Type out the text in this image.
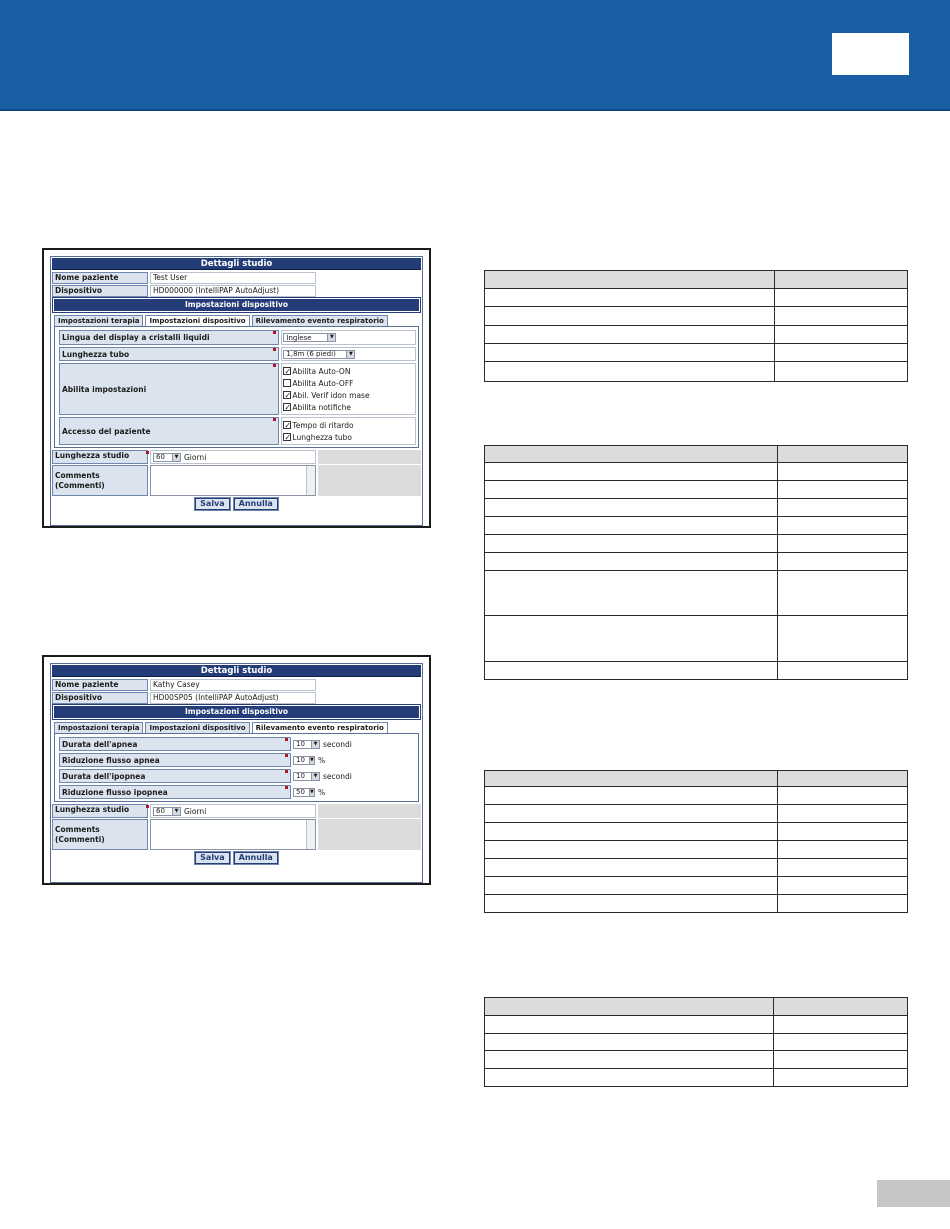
Dettagli studio
Nome paziente	Test User
Dispositivo	HD000000 (IntelliPAP AutoAdjust)
Impostazioni dispositivo
Impostazioni terapia	Impostazioni dispositivo	Rilevamento evento respiratorio
Lingua del display a cristalli liquidi	Inglese	▼
Lunghezza tubo	1,8m (6 piedi)	▼
Abilita impostazioni
✓ Abilita Auto-ON
Abilita Auto-OFF
✓ Abil. Verif idon mase
✓ Abilita notifiche
Accesso del paziente
✓ Tempo di ritardo
✓ Lunghezza tubo
Lunghezza studio	60	▼ Giorni
Comments (Commenti)
Salva	Annulla
Dettagli studio
Nome paziente	Kathy Casey
Dispositivo	HD00SP05 (IntelliPAP AutoAdjust)
Impostazioni dispositivo
Impostazioni terapia	Impostazioni dispositivo	Rilevamento evento respiratorio
Durata dell'apnea	10	▼ secondi
Riduzione flusso apnea	10 ▼ %
Durata dell'ipopnea	10	▼ secondi
Riduzione flusso ipopnea	50 ▼ %
Lunghezza studio	60	▼ Giorni
Comments (Commenti)
Salva	Annulla
